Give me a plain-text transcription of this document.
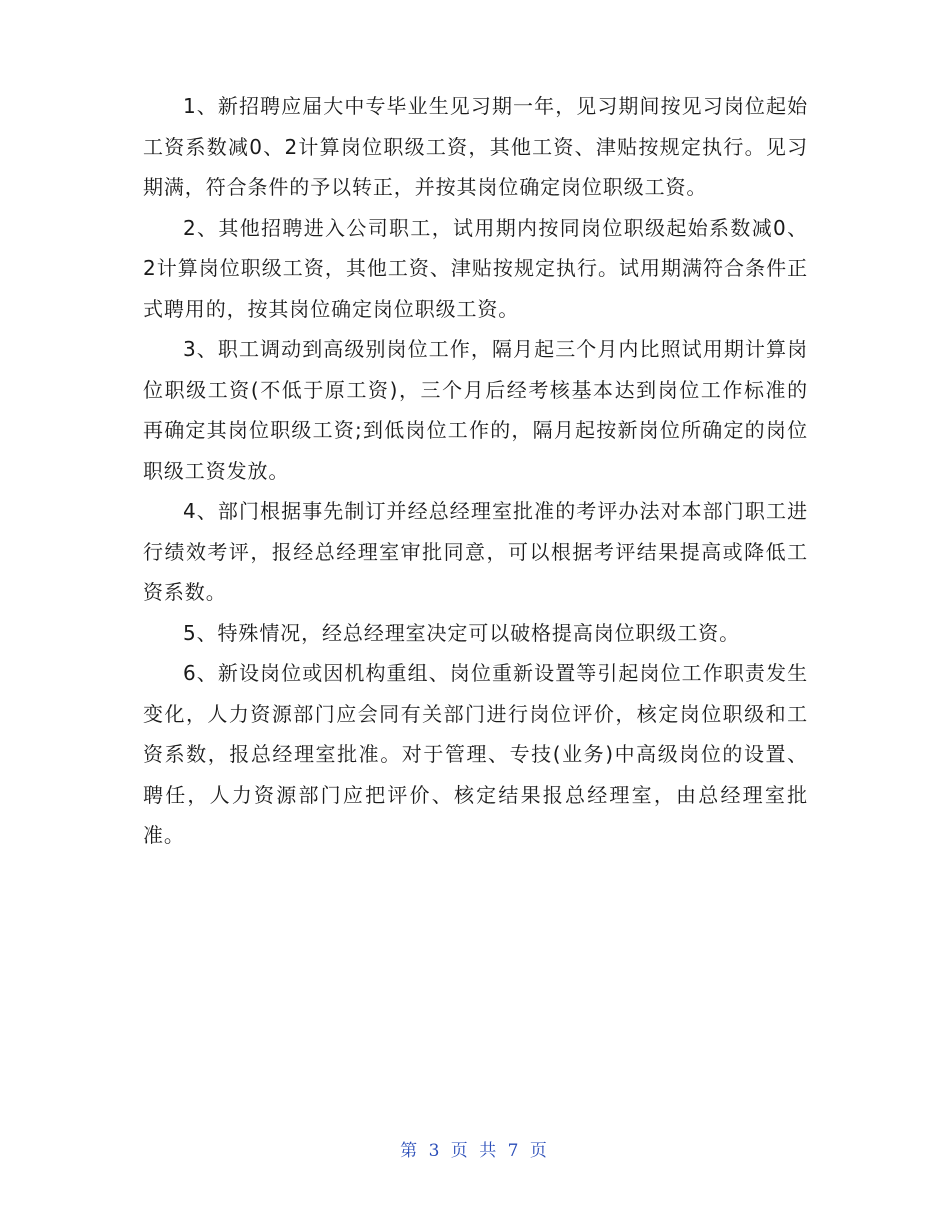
1、新招聘应届大中专毕业生见习期一年，见习期间按见习岗位起始工资系数减0、2计算岗位职级工资，其他工资、津贴按规定执行。见习期满，符合条件的予以转正，并按其岗位确定岗位职级工资。

2、其他招聘进入公司职工，试用期内按同岗位职级起始系数减0、2计算岗位职级工资，其他工资、津贴按规定执行。试用期满符合条件正式聘用的，按其岗位确定岗位职级工资。

3、职工调动到高级别岗位工作，隔月起三个月内比照试用期计算岗位职级工资(不低于原工资)，三个月后经考核基本达到岗位工作标准的再确定其岗位职级工资;到低岗位工作的，隔月起按新岗位所确定的岗位职级工资发放。

4、部门根据事先制订并经总经理室批准的考评办法对本部门职工进行绩效考评，报经总经理室审批同意，可以根据考评结果提高或降低工资系数。

5、特殊情况，经总经理室决定可以破格提高岗位职级工资。

6、新设岗位或因机构重组、岗位重新设置等引起岗位工作职责发生变化，人力资源部门应会同有关部门进行岗位评价，核定岗位职级和工资系数，报总经理室批准。对于管理、专技(业务)中高级岗位的设置、聘任，人力资源部门应把评价、核定结果报总经理室，由总经理室批准。

第 3 页 共 7 页
